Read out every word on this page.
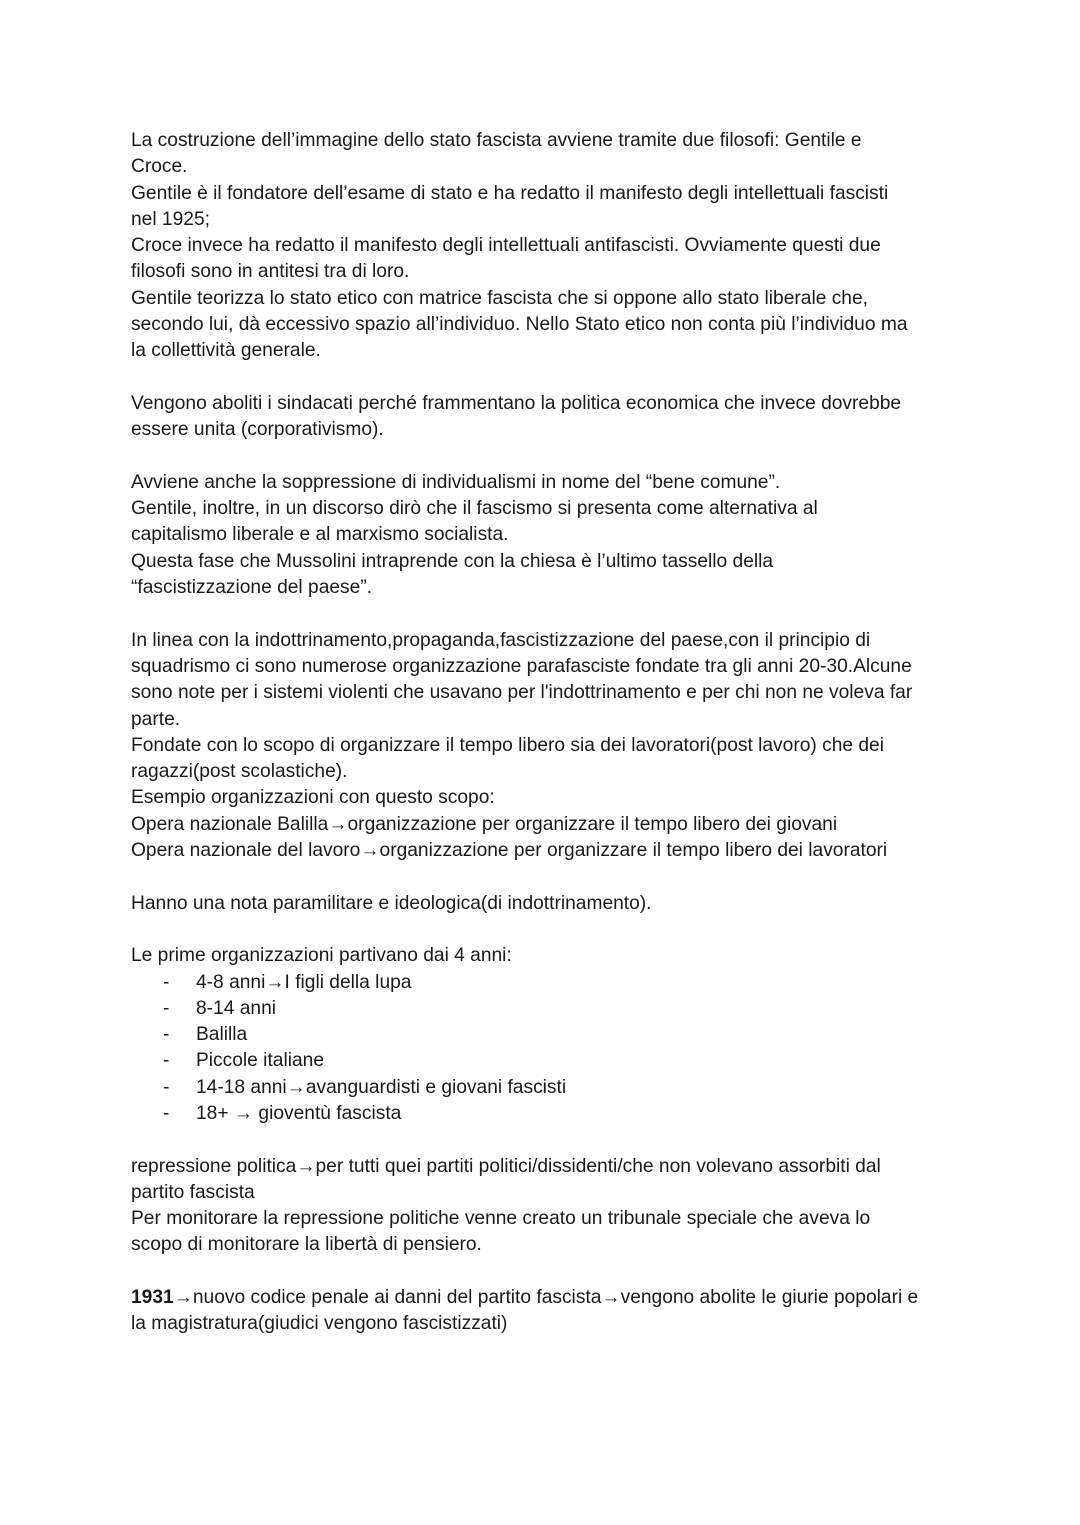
La costruzione dell’immagine dello stato fascista avviene tramite due filosofi: Gentile e

Croce.

Gentile è il fondatore dell’esame di stato e ha redatto il manifesto degli intellettuali fascisti

nel 1925;

Croce invece ha redatto il manifesto degli intellettuali antifascisti. Ovviamente questi due

filosofi sono in antitesi tra di loro.

Gentile teorizza lo stato etico con matrice fascista che si oppone allo stato liberale che,

secondo lui, dà eccessivo spazio all’individuo. Nello Stato etico non conta più l’individuo ma

la collettività generale.

Vengono aboliti i sindacati perché frammentano la politica economica che invece dovrebbe

essere unita (corporativismo).

Avviene anche la soppressione di individualismi in nome del “bene comune”.

Gentile, inoltre, in un discorso dirò che il fascismo si presenta come alternativa al

capitalismo liberale e al marxismo socialista.

Questa fase che Mussolini intraprende con la chiesa è l’ultimo tassello della

“fascistizzazione del paese”.

In linea con la indottrinamento,propaganda,fascistizzazione del paese,con il principio di

squadrismo ci sono numerose organizzazione parafasciste fondate tra gli anni 20-30.Alcune

sono note per i sistemi violenti che usavano per l'indottrinamento e per chi non ne voleva far

parte.

Fondate con lo scopo di organizzare il tempo libero sia dei lavoratori(post lavoro) che dei

ragazzi(post scolastiche).

Esempio organizzazioni con questo scopo:

Opera nazionale Balilla→organizzazione per organizzare il tempo libero dei giovani

Opera nazionale del lavoro→organizzazione per organizzare il tempo libero dei lavoratori

Hanno una nota paramilitare e ideologica(di indottrinamento).

Le prime organizzazioni partivano dai 4 anni:

- 4-8 anni→I figli della lupa
- 8-14 anni
- Balilla
- Piccole italiane
- 14-18 anni→avanguardisti e giovani fascisti
- 18+ → gioventù fascista

repressione politica→per tutti quei partiti politici/dissidenti/che non volevano assorbiti dal

partito fascista

Per monitorare la repressione politiche venne creato un tribunale speciale che aveva lo

scopo di monitorare la libertà di pensiero.

1931→nuovo codice penale ai danni del partito fascista→vengono abolite le giurie popolari e

la magistratura(giudici vengono fascistizzati)
